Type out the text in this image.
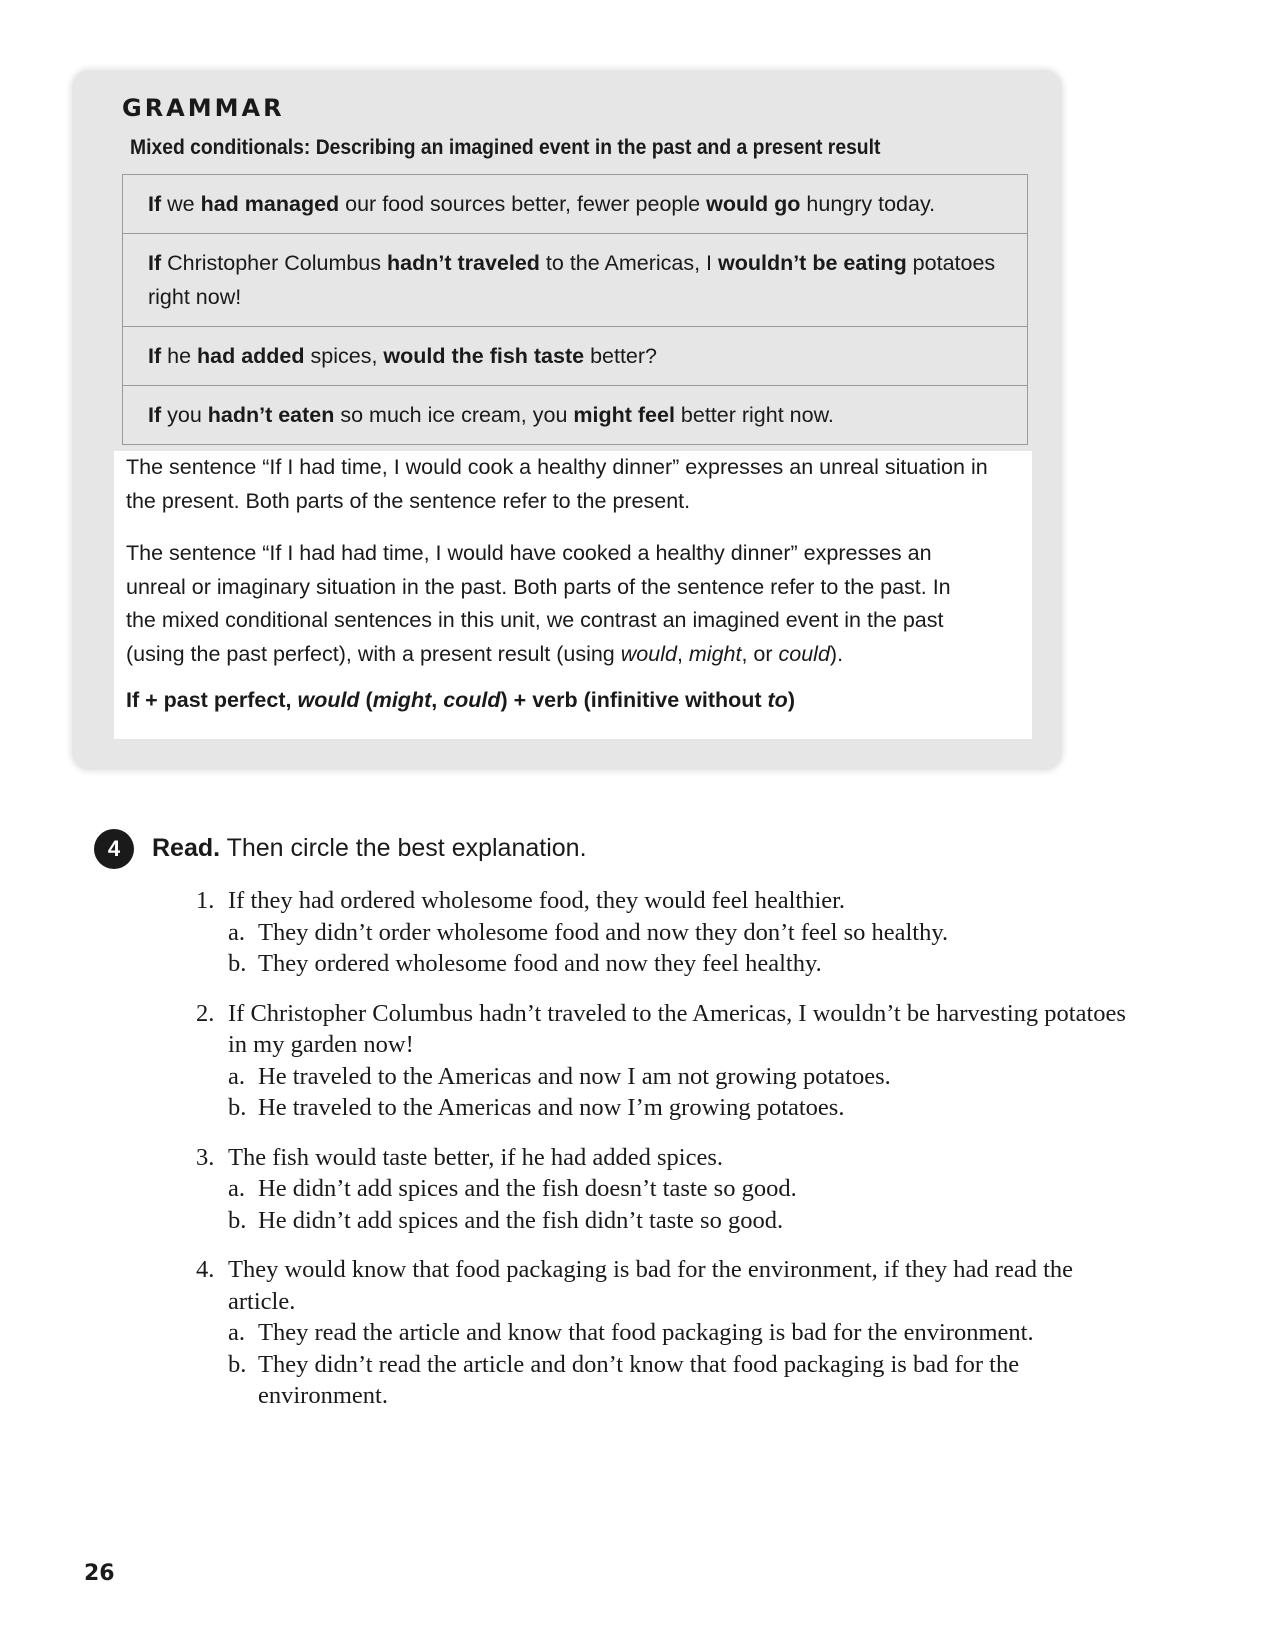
GRAMMAR
Mixed conditionals: Describing an imagined event in the past and a present result
If we had managed our food sources better, fewer people would go hungry today.
If Christopher Columbus hadn’t traveled to the Americas, I wouldn’t be eating potatoes right now!
If he had added spices, would the fish taste better?
If you hadn’t eaten so much ice cream, you might feel better right now.

The sentence “If I had time, I would cook a healthy dinner” expresses an unreal situation in the present. Both parts of the sentence refer to the present.

The sentence “If I had had time, I would have cooked a healthy dinner” expresses an unreal or imaginary situation in the past. Both parts of the sentence refer to the past. In the mixed conditional sentences in this unit, we contrast an imagined event in the past (using the past perfect), with a present result (using would, might, or could).

If + past perfect, would (might, could) + verb (infinitive without to)

4	Read. Then circle the best explanation.
1. If they had ordered wholesome food, they would feel healthier.
a. They didn’t order wholesome food and now they don’t feel so healthy.
b. They ordered wholesome food and now they feel healthy.
2. If Christopher Columbus hadn’t traveled to the Americas, I wouldn’t be harvesting potatoes in my garden now!
a. He traveled to the Americas and now I am not growing potatoes.
b. He traveled to the Americas and now I’m growing potatoes.
3. The fish would taste better, if he had added spices.
a. He didn’t add spices and the fish doesn’t taste so good.
b. He didn’t add spices and the fish didn’t taste so good.
4. They would know that food packaging is bad for the environment, if they had read the article.
a. They read the article and know that food packaging is bad for the environment.
b. They didn’t read the article and don’t know that food packaging is bad for the environment.
26
